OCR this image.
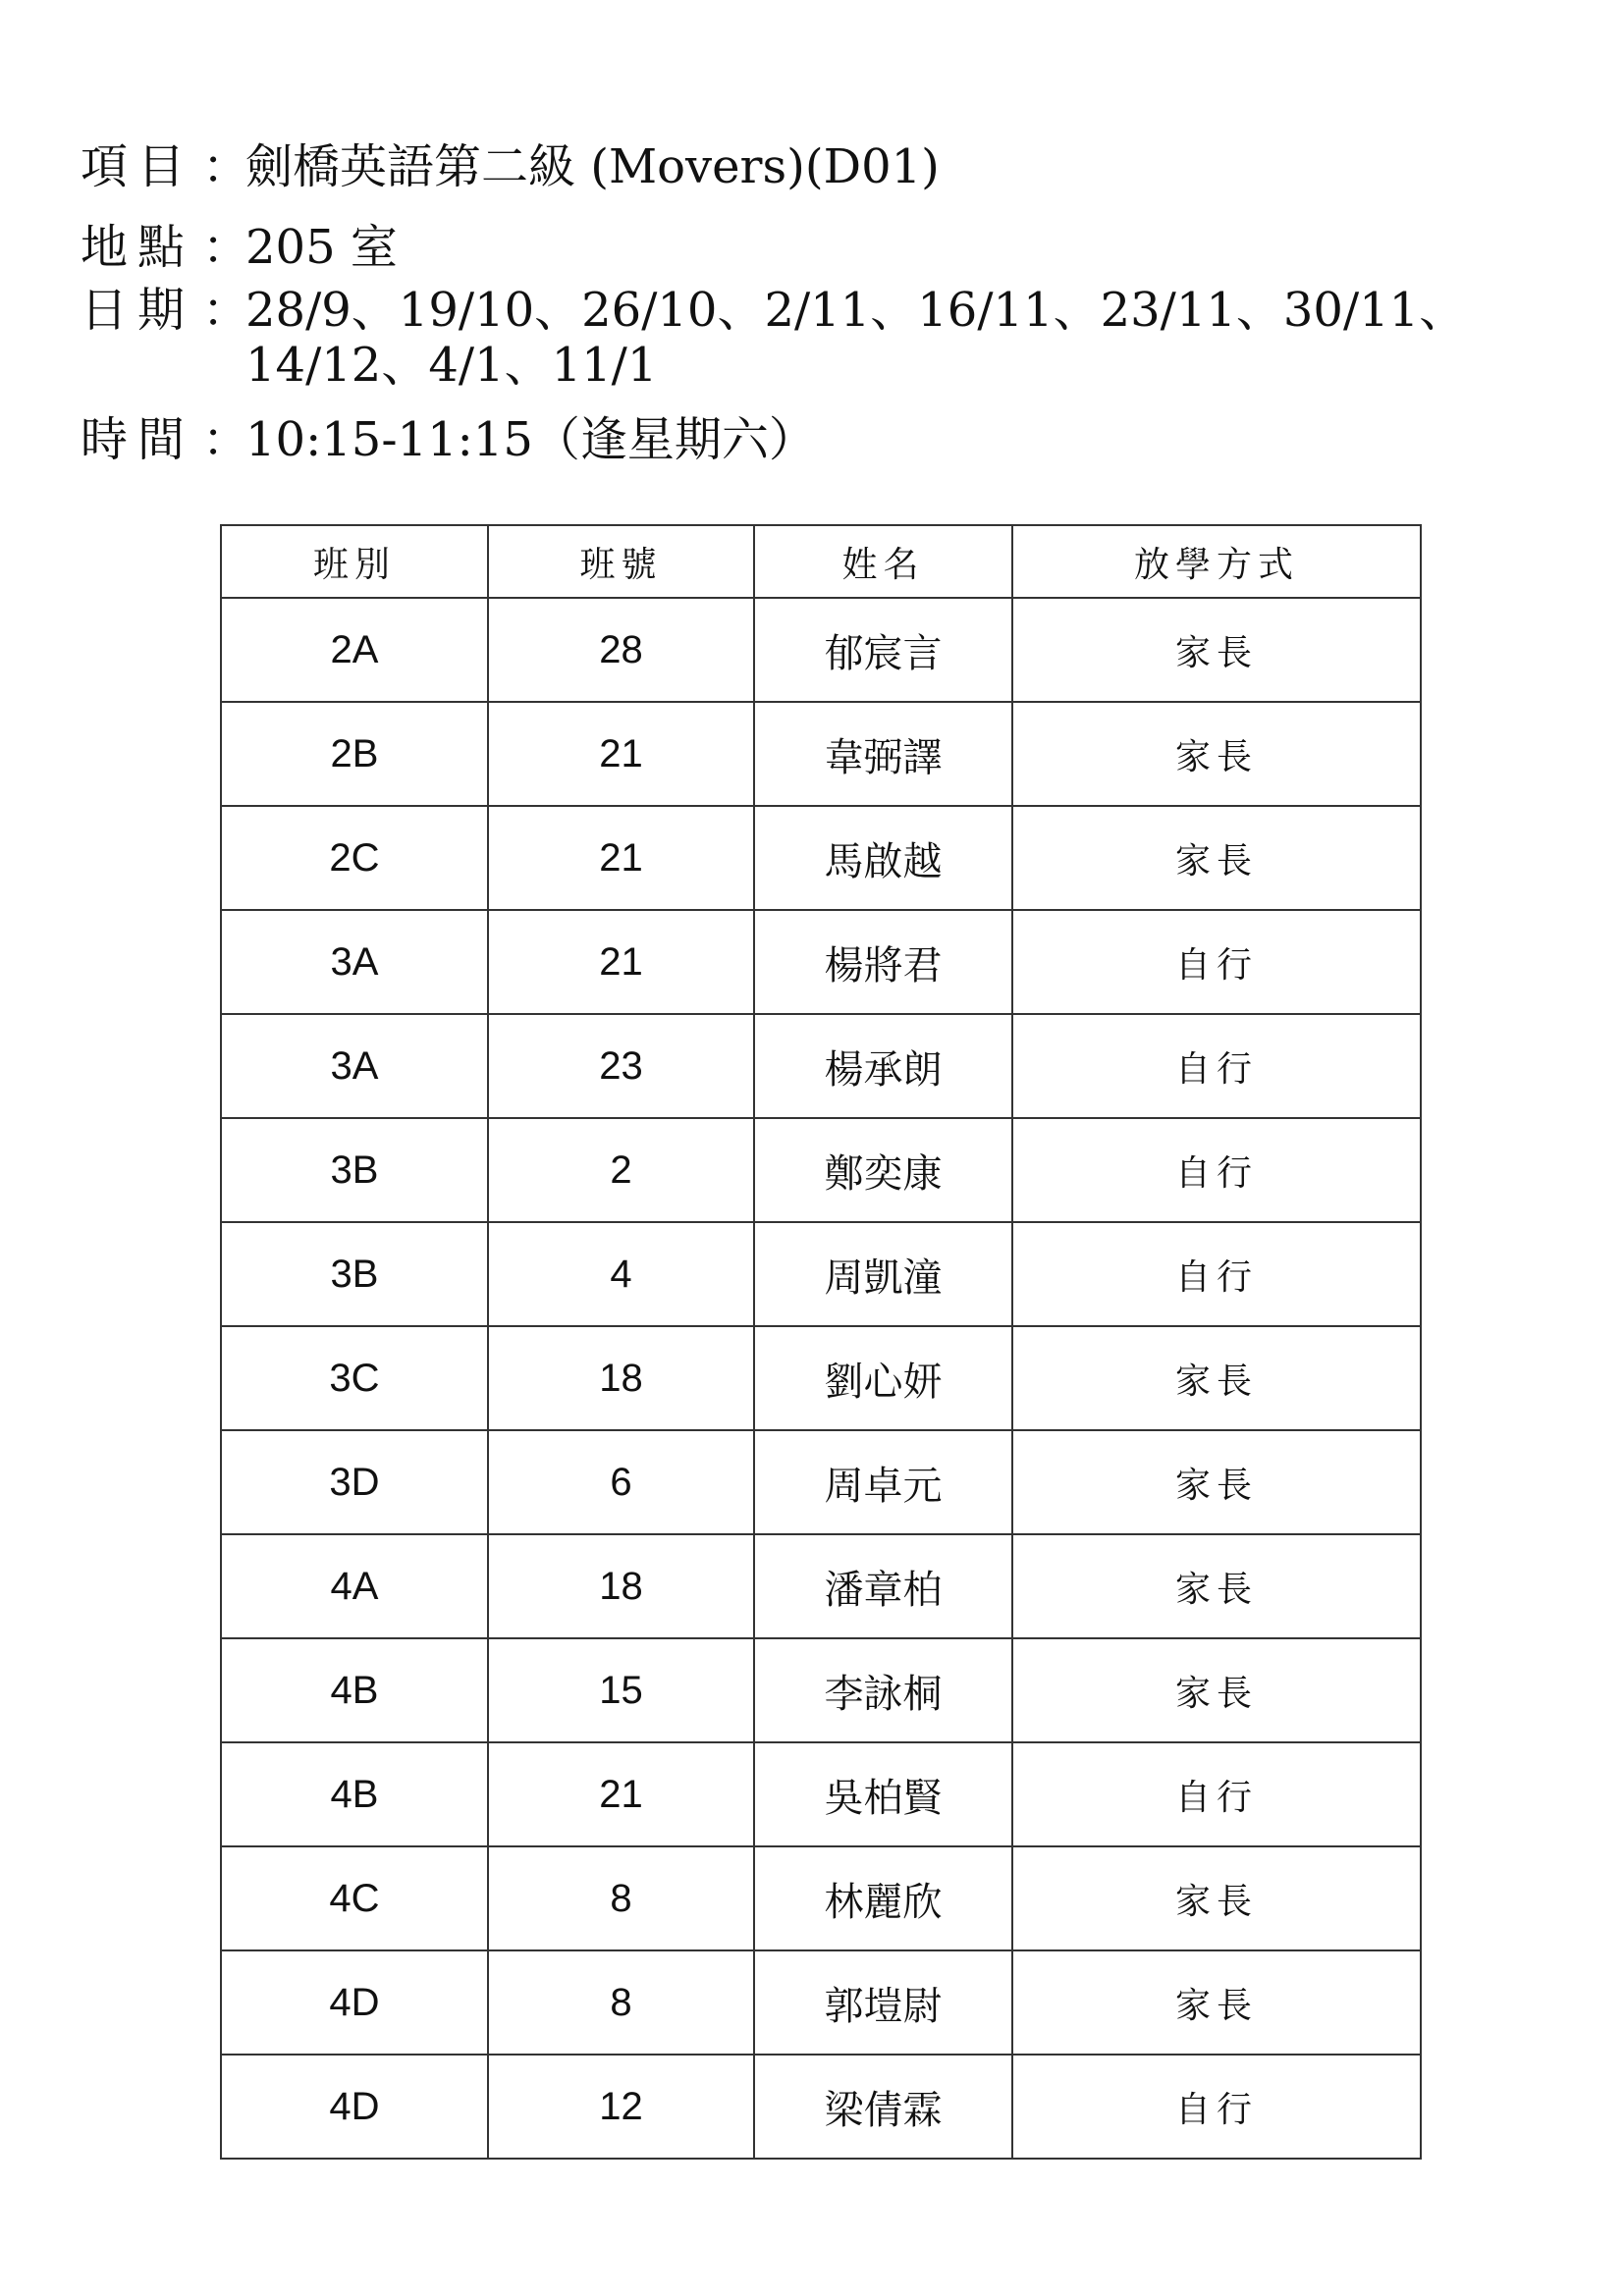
項目 ：
劍橋英語第二級 (Movers)(D01)
地點 ：
205 室
日期 ：
28/9、19/10、26/10、2/11、16/11、23/11、30/11、
14/12、4/1、11/1
時間 ：
10:15-11:15（逢星期六）
班別	班號	姓名	放學方式
2A	28	郁宸言	家長
2B	21	韋弼譯	家長
2C	21	馬啟越	家長
3A	21	楊將君	自行
3A	23	楊承朗	自行
3B	2	鄭奕康	自行
3B	4	周凱潼	自行
3C	18	劉心妍	家長
3D	6	周卓元	家長
4A	18	潘章柏	家長
4B	15	李詠桐	家長
4B	21	吳柏賢	自行
4C	8	林麗欣	家長
4D	8	郭塏尉	家長
4D	12	梁倩霖	自行
